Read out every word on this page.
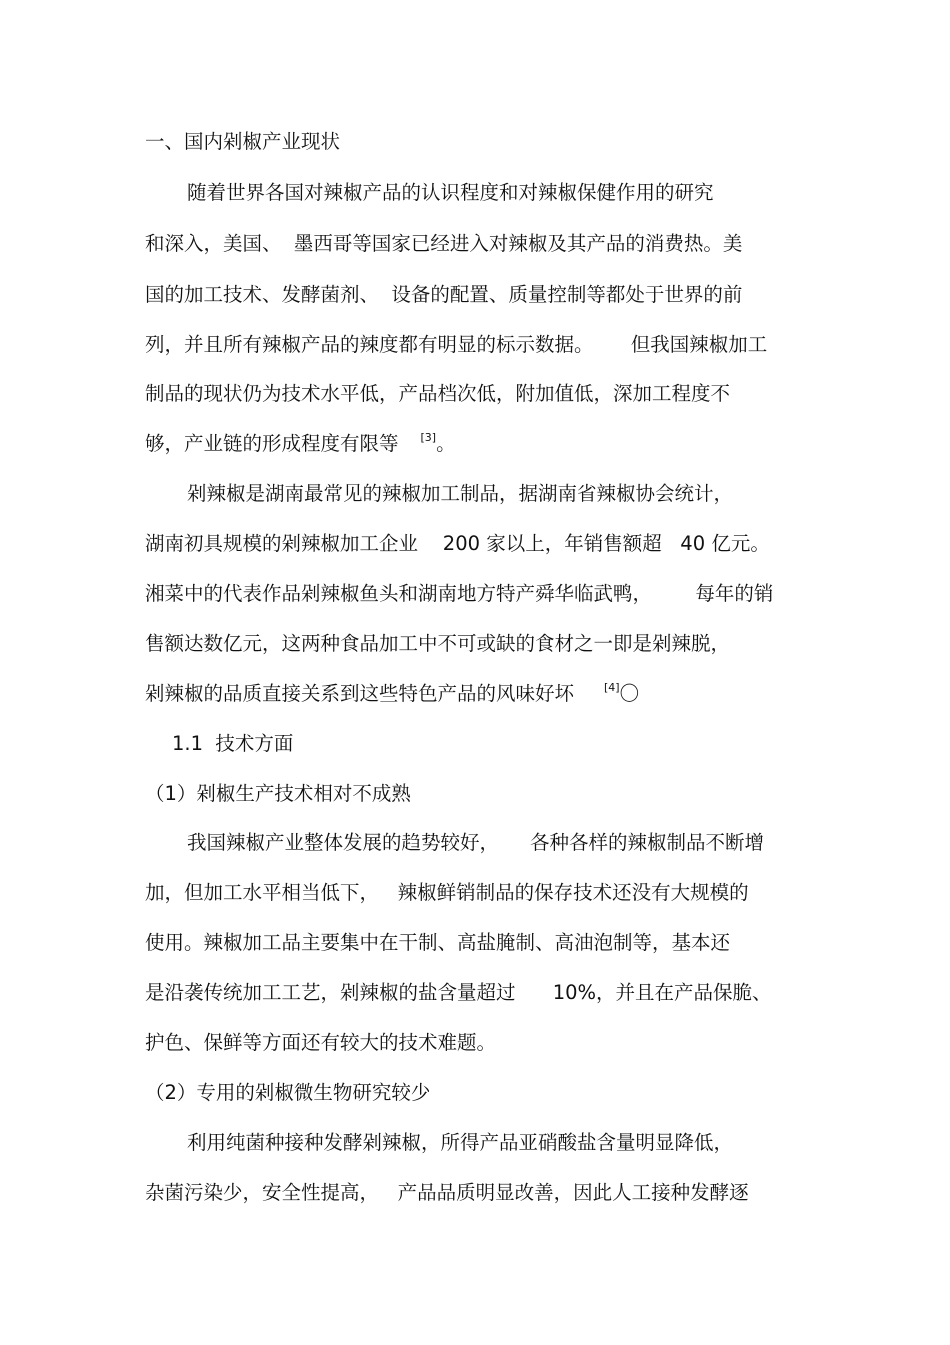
一、国内剁椒产业现状
随着世界各国对辣椒产品的认识程度和对辣椒保健作用的研究
和深入，美国、  墨西哥等国家已经进入对辣椒及其产品的消费热。美
国的加工技术、发酵菌剂、  设备的配置、质量控制等都处于世界的前
列，并且所有辣椒产品的辣度都有明显的标示数据。      但我国辣椒加工
制品的现状仍为技术水平低，产品档次低，附加值低，深加工程度不
够，产业链的形成程度有限等 [3]。
剁辣椒是湖南最常见的辣椒加工制品，据湖南省辣椒协会统计，
湖南初具规模的剁辣椒加工企业    200 家以上，年销售额超   40 亿元。
湘菜中的代表作品剁辣椒鱼头和湖南地方特产舜华临武鸭，       每年的销
售额达数亿元，这两种食品加工中不可或缺的食材之一即是剁辣脱，
剁辣椒的品质直接关系到这些特色产品的风味好坏	[4]〇
1.1  技术方面
（1）剁椒生产技术相对不成熟
我国辣椒产业整体发展的趋势较好，     各种各样的辣椒制品不断增
加，但加工水平相当低下，   辣椒鲜销制品的保存技术还没有大规模的
使用。辣椒加工品主要集中在干制、高盐腌制、高油泡制等，基本还
是沿袭传统加工工艺，剁辣椒的盐含量超过      10%，并且在产品保脆、
护色、保鲜等方面还有较大的技术难题。
（2）专用的剁椒微生物研究较少
利用纯菌种接种发酵剁辣椒，所得产品亚硝酸盐含量明显降低，
杂菌污染少，安全性提高，   产品品质明显改善，因此人工接种发酵逐
